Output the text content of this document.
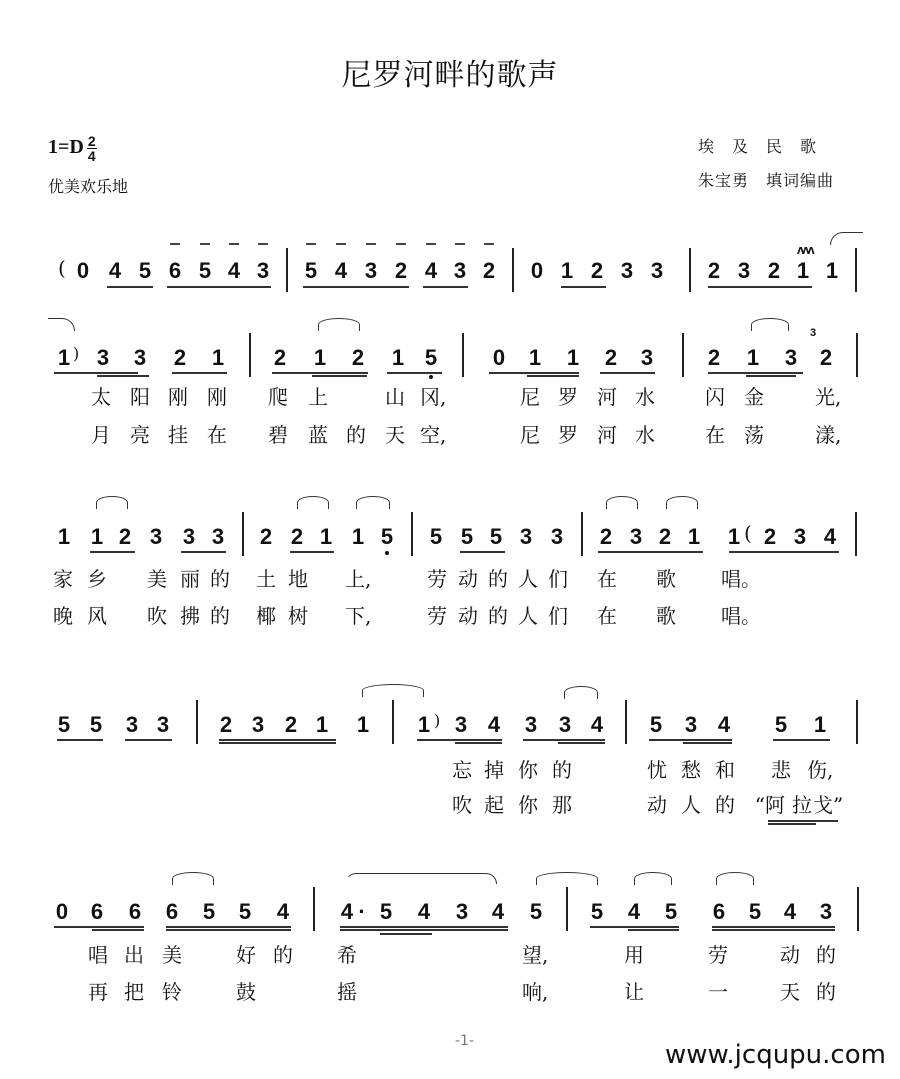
尼罗河畔的歌声
$1=D \frac{2}{4}$
优美欢乐地
埃　及　民　歌
朱宝勇　填词编曲
( 0 4 5 6 5 4 3 5 4 3 2 4 3 2 0 1 2 3 3 2 3 2 1 1
ʌʌʌ
1 ) 3 3 2 1 2 1 2 1 5	0 1 1 2 3 2 1 3
3
2
太 阳 刚 刚 爬 上	山 冈,	尼 罗 河 水	闪 金	光,
月 亮 挂 在 碧 蓝 的 天 空,	尼 罗 河 水	在 荡	漾,
1 1 2 3 3 3 2 2 1 1 5 5 5 5 3 3 2 3 2 1 1 ( 2 3 4
家 乡 美 丽 的 土 地 上,	劳 动 的 人 们 在 歌 唱。
晚 风 吹 拂 的 椰 树 下,	劳 动 的 人 们 在 歌 唱。
5 5 3 3 2 3 2 1 1 1 ) 3 4 3 3 4 5 3 4 5 1
忘 掉 你 的	忧 愁 和 悲 伤,
吹 起 你 那	动 人 的 “阿 拉 戈”
0 6 6 6 5 5 4 4 · 5 4 3 4 5 5 4 5 6 5 4 3
唱 出 美	好 的 希	望,	用	劳	动 的
再 把 铃	鼓	摇	响,	让	一	天 的
-1-	www.jcqupu.com
